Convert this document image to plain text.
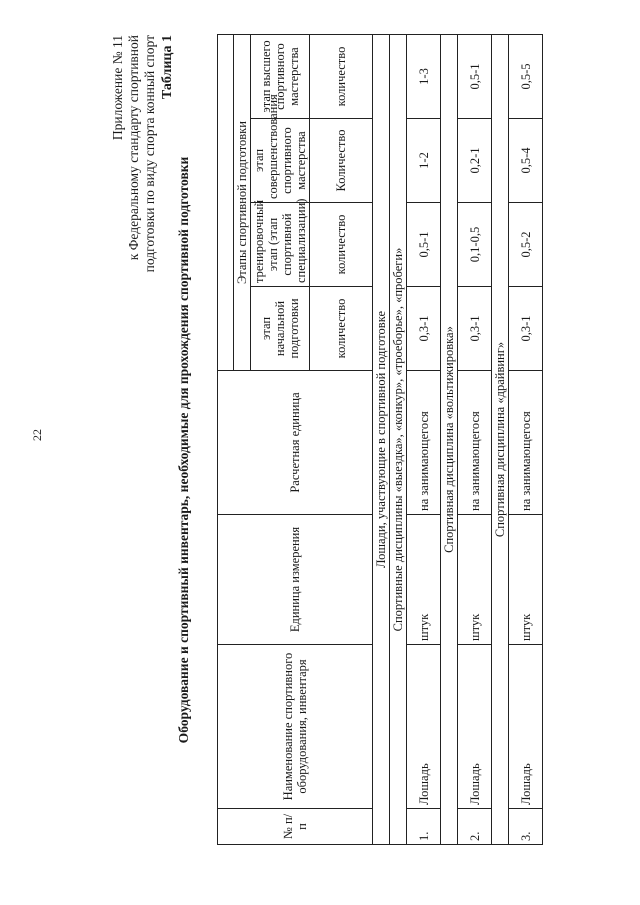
22
Приложение № 11 к Федеральному стандарту спортивной подготовки по виду спорта конный спорт Таблица 1
Оборудование и спортивный инвентарь, необходимые для прохождения спортивной подготовки
№ п/п	Наименование спортивного оборудования, инвентаря	Единица измерения	Расчетная единица				
				Этапы спортивной подготовки			
				этап начальной подготовки	тренировочный этап (этап спортивной специализации)	этап совершенствования спортивного мастерства	этап высшего спортивного мастерства
				количество	количество	Количество	количество
Лошади, участвующие в спортивной подготовке							
Спортивные дисциплины «выездка», «конкур», «троеборье», «пробеги»							
1.	Лошадь	штук	на занимающегося	0,3-1	0,5-1	1-2	1-3
Спортивная дисциплина «вольтижировка»							
2.	Лошадь	штук	на занимающегося	0,3-1	0,1-0,5	0,2-1	0,5-1
Спортивная дисциплина «драйвинг»							
3.	Лошадь	штук	на занимающегося	0,3-1	0,5-2	0,5-4	0,5-5
